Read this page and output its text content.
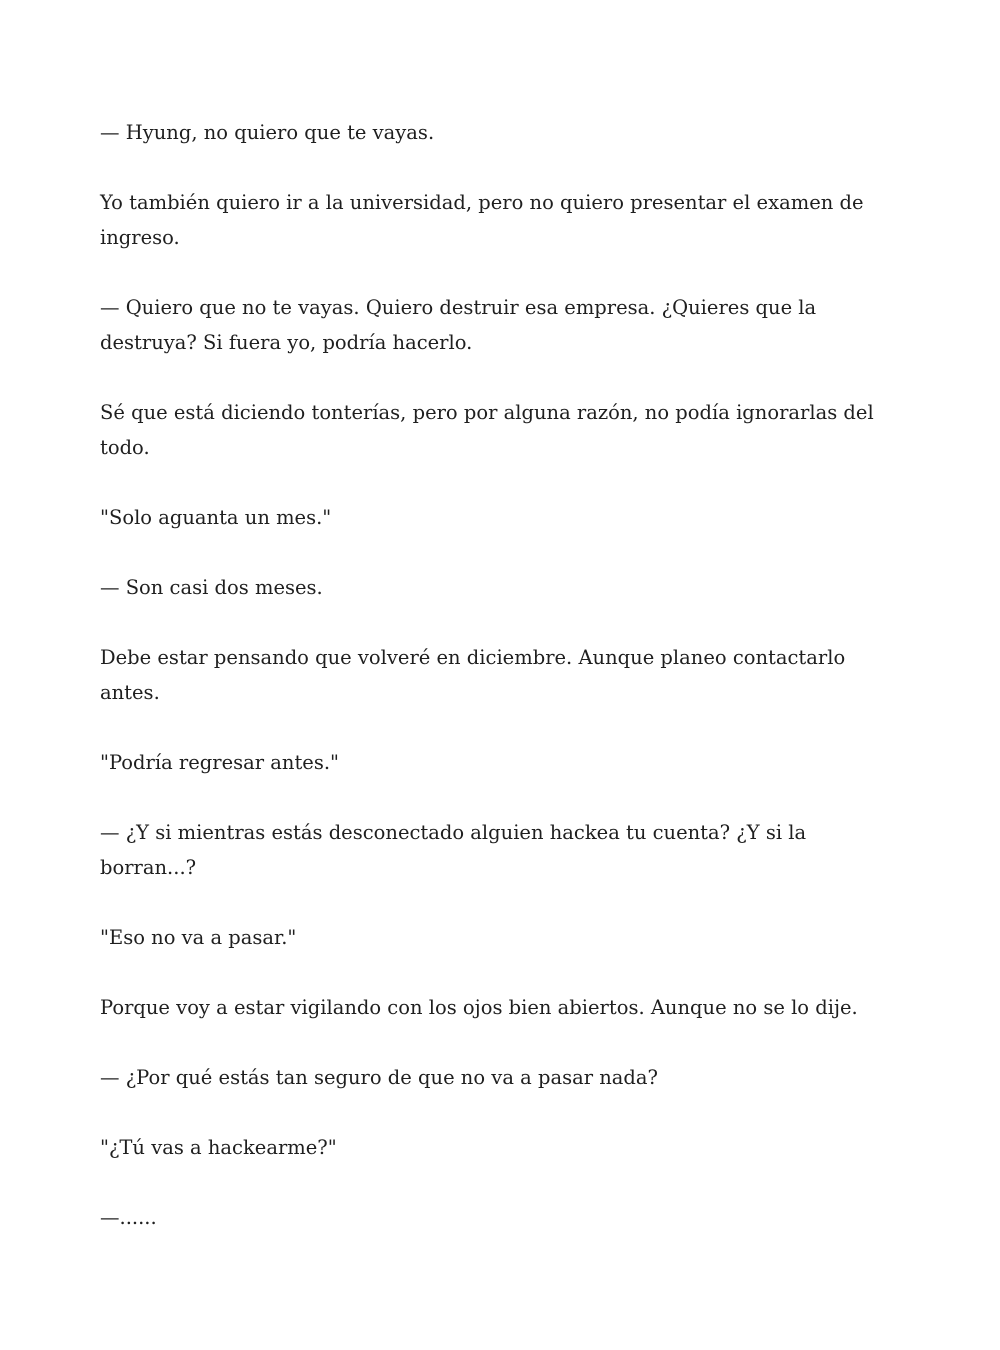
— Hyung, no quiero que te vayas.

Yo también quiero ir a la universidad, pero no quiero presentar el examen de ingreso.

— Quiero que no te vayas. Quiero destruir esa empresa. ¿Quieres que la destruya? Si fuera yo, podría hacerlo.

Sé que está diciendo tonterías, pero por alguna razón, no podía ignorarlas del todo.

"Solo aguanta un mes."

— Son casi dos meses.

Debe estar pensando que volveré en diciembre. Aunque planeo contactarlo antes.

"Podría regresar antes."

— ¿Y si mientras estás desconectado alguien hackea tu cuenta? ¿Y si la borran...?

"Eso no va a pasar."

Porque voy a estar vigilando con los ojos bien abiertos. Aunque no se lo dije.

— ¿Por qué estás tan seguro de que no va a pasar nada?

"¿Tú vas a hackearme?"

—......
